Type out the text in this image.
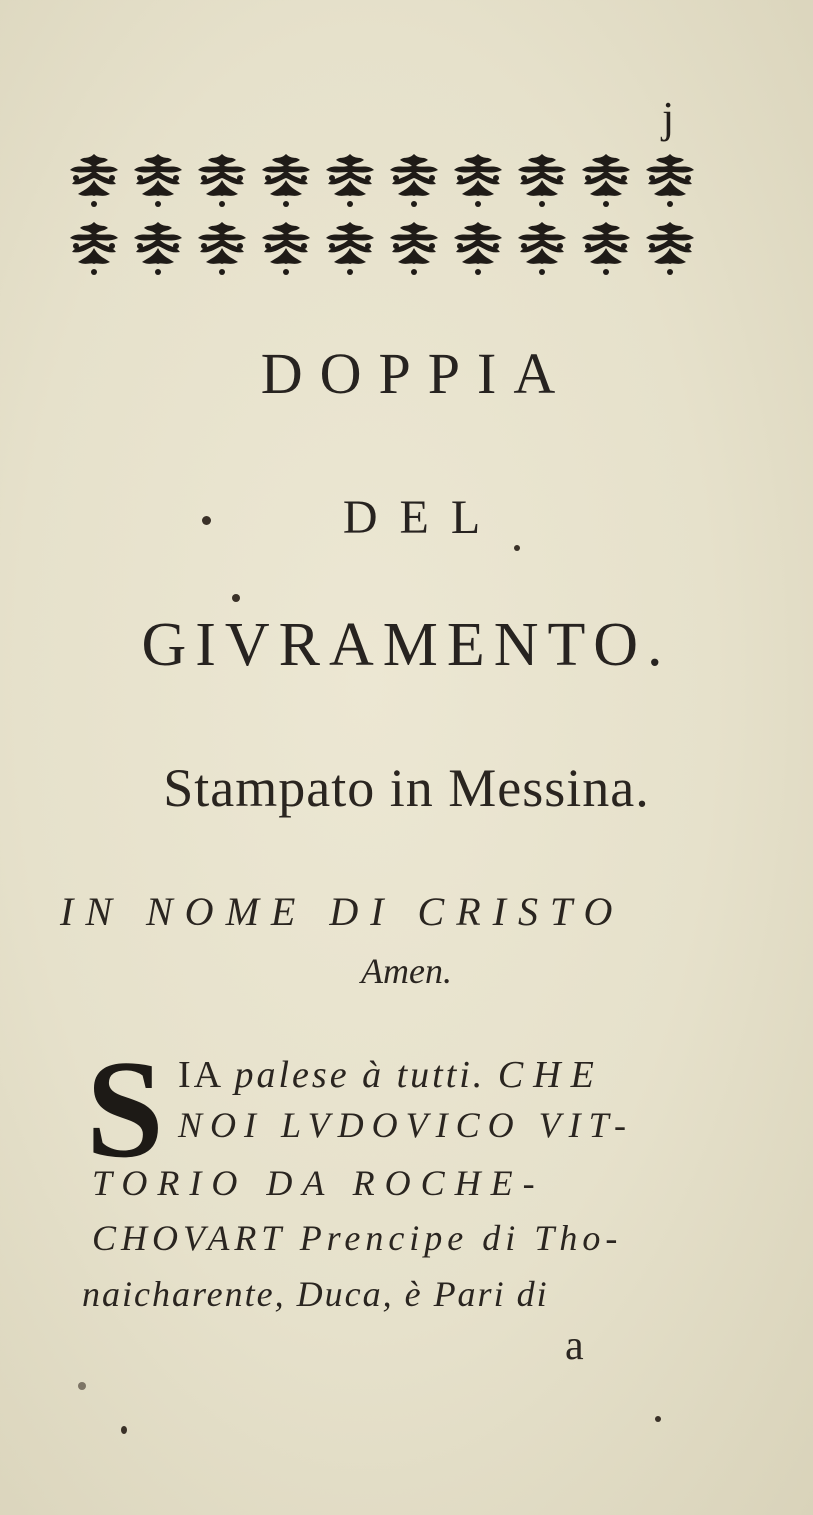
j
DOPPIA
DEL
GIVRAMENTO.
Stampato in Messina.
IN NOME DI CRISTO
Amen.
S IA palese à tutti. CHE
NOI LVDOVICO VIT-
TORIO DA ROCHE-
CHOVART Prencipe di Tho-
naicharente, Duca, è Pari di
a
